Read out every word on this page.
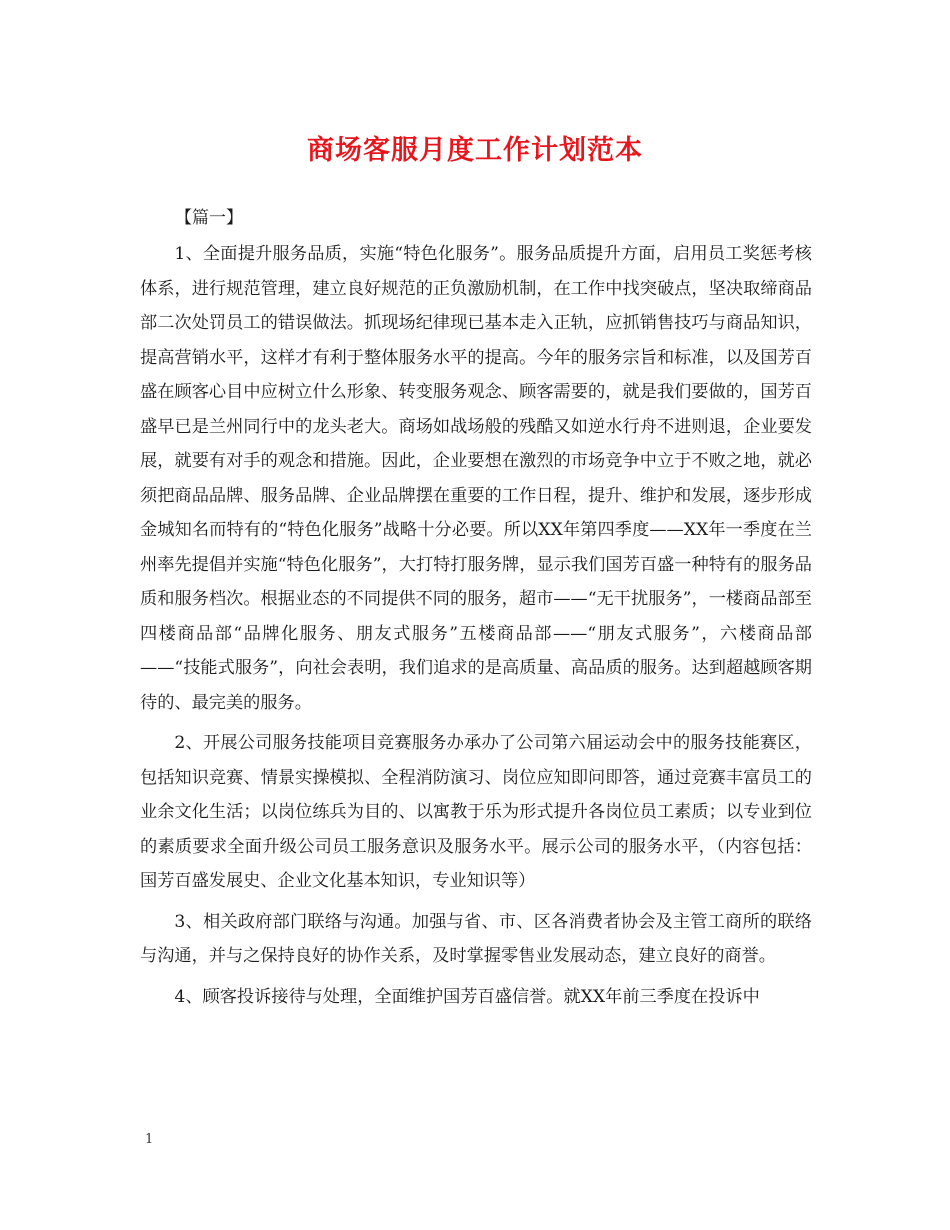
商场客服月度工作计划范本
【篇一】

1、全面提升服务品质，实施“特色化服务”。服务品质提升方面，启用员工奖惩考核体系，进行规范管理，建立良好规范的正负激励机制，在工作中找突破点，坚决取缔商品部二次处罚员工的错误做法。抓现场纪律现已基本走入正轨，应抓销售技巧与商品知识，提高营销水平，这样才有利于整体服务水平的提高。今年的服务宗旨和标准，以及国芳百盛在顾客心目中应树立什么形象、转变服务观念、顾客需要的，就是我们要做的，国芳百盛早已是兰州同行中的龙头老大。商场如战场般的残酷又如逆水行舟不进则退，企业要发展，就要有对手的观念和措施。因此，企业要想在激烈的市场竞争中立于不败之地，就必须把商品品牌、服务品牌、企业品牌摆在重要的工作日程，提升、维护和发展，逐步形成金城知名而特有的“特色化服务”战略十分必要。所以XX年第四季度——XX年一季度在兰州率先提倡并实施“特色化服务”，大打特打服务牌，显示我们国芳百盛一种特有的服务品质和服务档次。根据业态的不同提供不同的服务，超市——“无干扰服务”，一楼商品部至四楼商品部“品牌化服务、朋友式服务”五楼商品部——“朋友式服务”，六楼商品部——“技能式服务”，向社会表明，我们追求的是高质量、高品质的服务。达到超越顾客期待的、最完美的服务。

2、开展公司服务技能项目竞赛服务办承办了公司第六届运动会中的服务技能赛区，包括知识竞赛、情景实操模拟、全程消防演习、岗位应知即问即答，通过竞赛丰富员工的业余文化生活；以岗位练兵为目的、以寓教于乐为形式提升各岗位员工素质；以专业到位的素质要求全面升级公司员工服务意识及服务水平。展示公司的服务水平，（内容包括：国芳百盛发展史、企业文化基本知识，专业知识等）

3、相关政府部门联络与沟通。加强与省、市、区各消费者协会及主管工商所的联络与沟通，并与之保持良好的协作关系，及时掌握零售业发展动态，建立良好的商誉。

4、顾客投诉接待与处理，全面维护国芳百盛信誉。就XX年前三季度在投诉中

1
